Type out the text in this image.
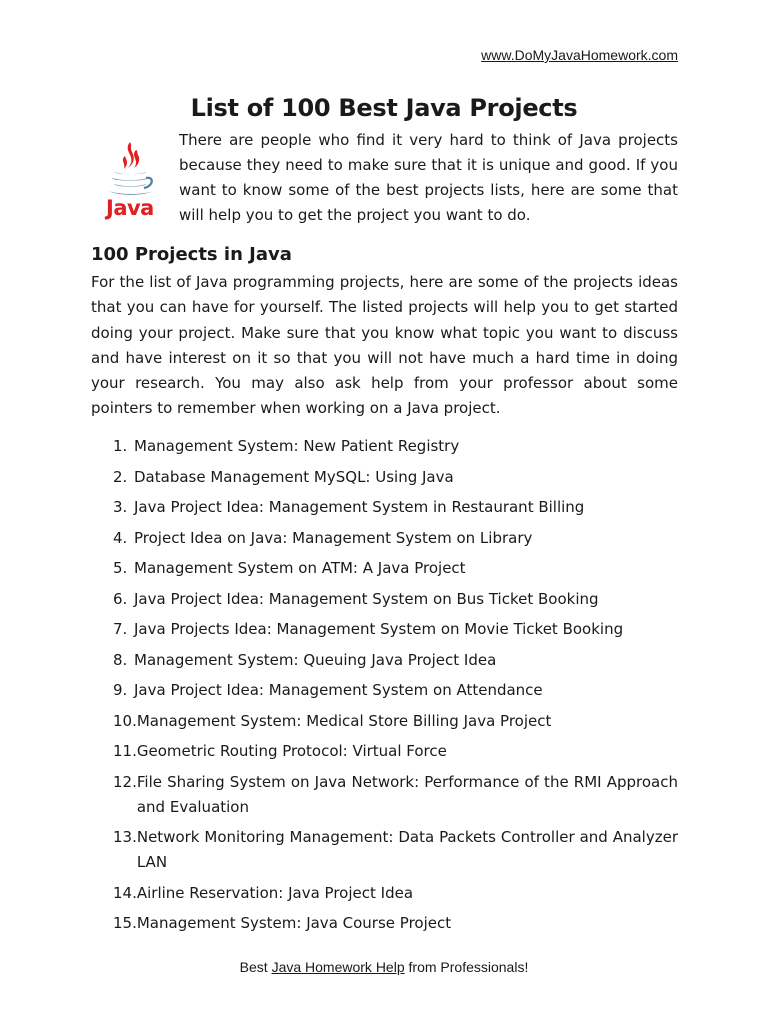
www.DoMyJavaHomework.com
List of 100 Best Java Projects
Java

There are people who find it very hard to think of Java projects because they need to make sure that it is unique and good. If you want to know some of the best projects lists, here are some that will help you to get the project you want to do.

100 Projects in Java

For the list of Java programming projects, here are some of the projects ideas that you can have for yourself. The listed projects will help you to get started doing your project. Make sure that you know what topic you want to discuss and have interest on it so that you will not have much a hard time in doing your research. You may also ask help from your professor about some pointers to remember when working on a Java project.

1. Management System: New Patient Registry
2. Database Management MySQL: Using Java
3. Java Project Idea: Management System in Restaurant Billing
4. Project Idea on Java: Management System on Library
5. Management System on ATM: A Java Project
6. Java Project Idea: Management System on Bus Ticket Booking
7. Java Projects Idea: Management System on Movie Ticket Booking
8. Management System: Queuing Java Project Idea
9. Java Project Idea: Management System on Attendance
10. Management System: Medical Store Billing Java Project
11. Geometric Routing Protocol: Virtual Force
12. File Sharing System on Java Network: Performance of the RMI Approach and Evaluation
13. Network Monitoring Management: Data Packets Controller and Analyzer LAN
14. Airline Reservation: Java Project Idea
15. Management System: Java Course Project

Best Java Homework Help from Professionals!
